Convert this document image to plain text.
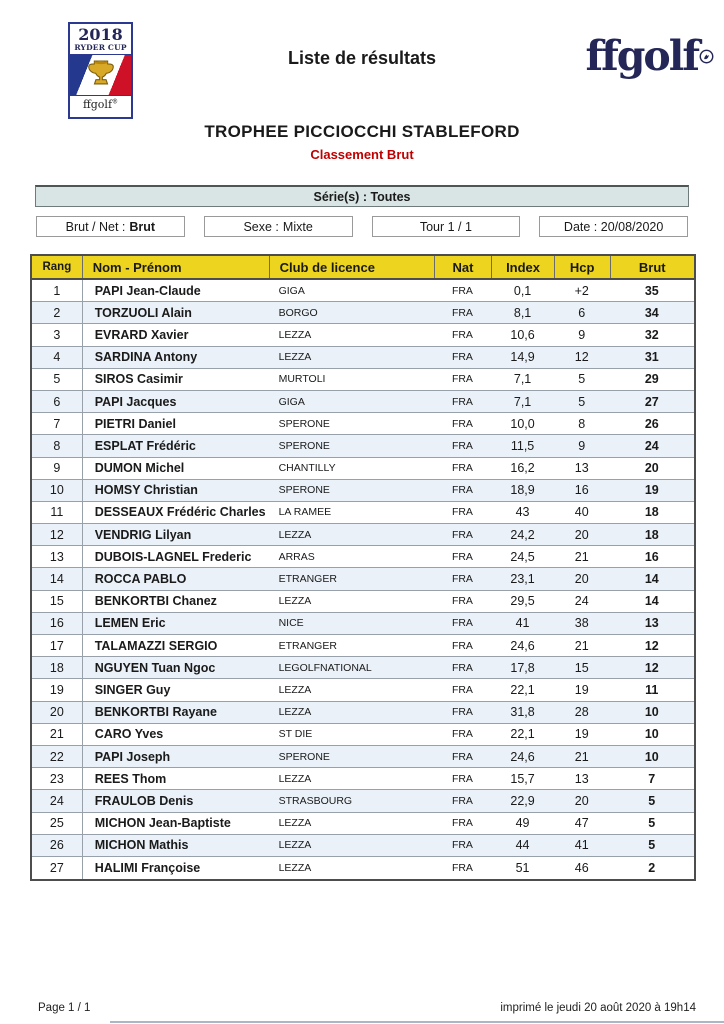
2018
RYDER CUP
ffgolf®
Liste de résultats	ffgolf
TROPHEE PICCIOCCHI STABLEFORD
Classement Brut
Série(s) : Toutes
Brut / Net : Brut	Sexe : Mixte	Tour 1 / 1	Date : 20/08/2020
Rang	Nom - Prénom	Club de licence	Nat	Index	Hcp	Brut
1	PAPI Jean-Claude	GIGA	FRA	0,1	+2	35
2	TORZUOLI Alain	BORGO	FRA	8,1	6	34
3	EVRARD Xavier	LEZZA	FRA	10,6	9	32
4	SARDINA Antony	LEZZA	FRA	14,9	12	31
5	SIROS Casimir	MURTOLI	FRA	7,1	5	29
6	PAPI Jacques	GIGA	FRA	7,1	5	27
7	PIETRI Daniel	SPERONE	FRA	10,0	8	26
8	ESPLAT Frédéric	SPERONE	FRA	11,5	9	24
9	DUMON Michel	CHANTILLY	FRA	16,2	13	20
10	HOMSY Christian	SPERONE	FRA	18,9	16	19
11	DESSEAUX Frédéric Charles	LA RAMEE	FRA	43	40	18
12	VENDRIG Lilyan	LEZZA	FRA	24,2	20	18
13	DUBOIS-LAGNEL Frederic	ARRAS	FRA	24,5	21	16
14	ROCCA PABLO	ETRANGER	FRA	23,1	20	14
15	BENKORTBI Chanez	LEZZA	FRA	29,5	24	14
16	LEMEN Eric	NICE	FRA	41	38	13
17	TALAMAZZI SERGIO	ETRANGER	FRA	24,6	21	12
18	NGUYEN Tuan Ngoc	LEGOLFNATIONAL	FRA	17,8	15	12
19	SINGER Guy	LEZZA	FRA	22,1	19	11
20	BENKORTBI Rayane	LEZZA	FRA	31,8	28	10
21	CARO Yves	ST DIE	FRA	22,1	19	10
22	PAPI Joseph	SPERONE	FRA	24,6	21	10
23	REES Thom	LEZZA	FRA	15,7	13	7
24	FRAULOB Denis	STRASBOURG	FRA	22,9	20	5
25	MICHON Jean-Baptiste	LEZZA	FRA	49	47	5
26	MICHON Mathis	LEZZA	FRA	44	41	5
27	HALIMI Françoise	LEZZA	FRA	51	46	2
Page 1 / 1	imprimé le jeudi 20 août 2020 à 19h14
